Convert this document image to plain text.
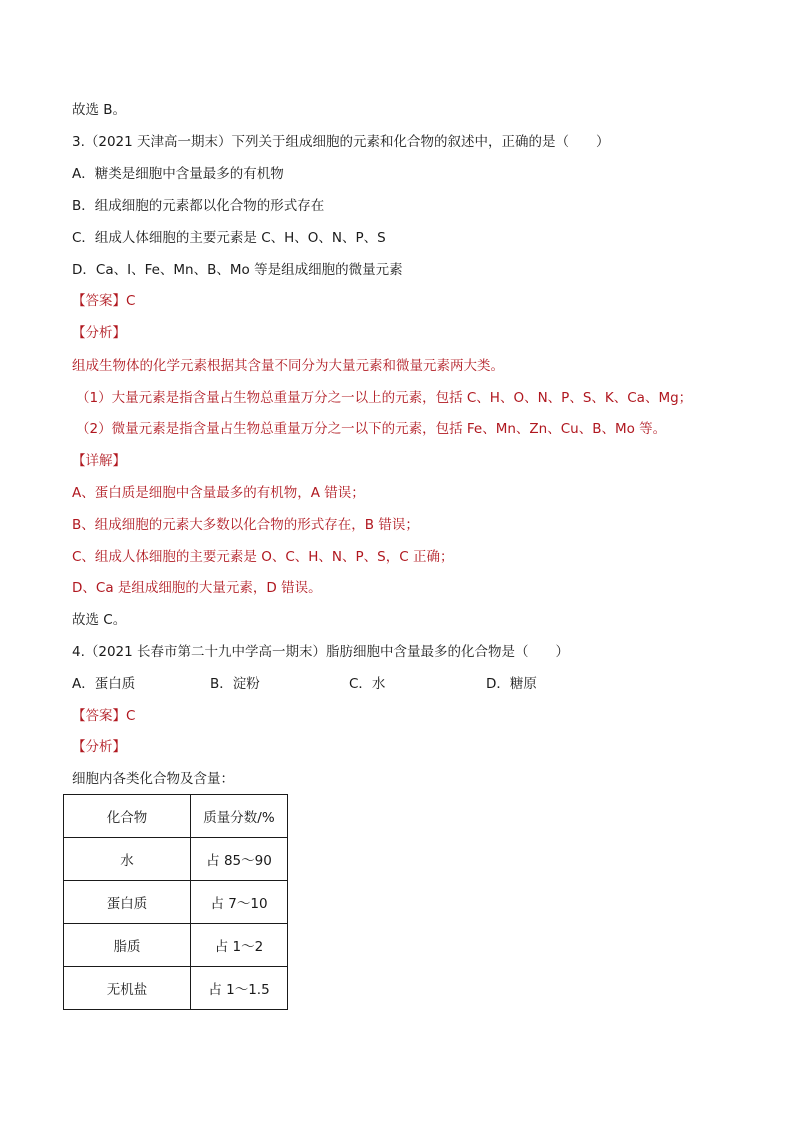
故选 B。
3.（2021 天津高一期末）下列关于组成细胞的元素和化合物的叙述中，正确的是（　　）
A．糖类是细胞中含量最多的有机物
B．组成细胞的元素都以化合物的形式存在
C．组成人体细胞的主要元素是 C、H、O、N、P、S
D．Ca、I、Fe、Mn、B、Mo 等是组成细胞的微量元素
【答案】C
【分析】
组成生物体的化学元素根据其含量不同分为大量元素和微量元素两大类。
（1）大量元素是指含量占生物总重量万分之一以上的元素，包括 C、H、O、N、P、S、K、Ca、Mg；
（2）微量元素是指含量占生物总重量万分之一以下的元素，包括 Fe、Mn、Zn、Cu、B、Mo 等。
【详解】
A、蛋白质是细胞中含量最多的有机物，A 错误；
B、组成细胞的元素大多数以化合物的形式存在，B 错误；
C、组成人体细胞的主要元素是 O、C、H、N、P、S，C 正确；
D、Ca 是组成细胞的大量元素，D 错误。
故选 C。
4.（2021 长春市第二十九中学高一期末）脂肪细胞中含量最多的化合物是（　　）
A．蛋白质	B．淀粉	C．水	D．糖原
【答案】C
【分析】
细胞内各类化合物及含量：
化合物	质量分数/%
水	占 85～90
蛋白质	占 7～10
脂质	占 1～2
无机盐	占 1～1.5
